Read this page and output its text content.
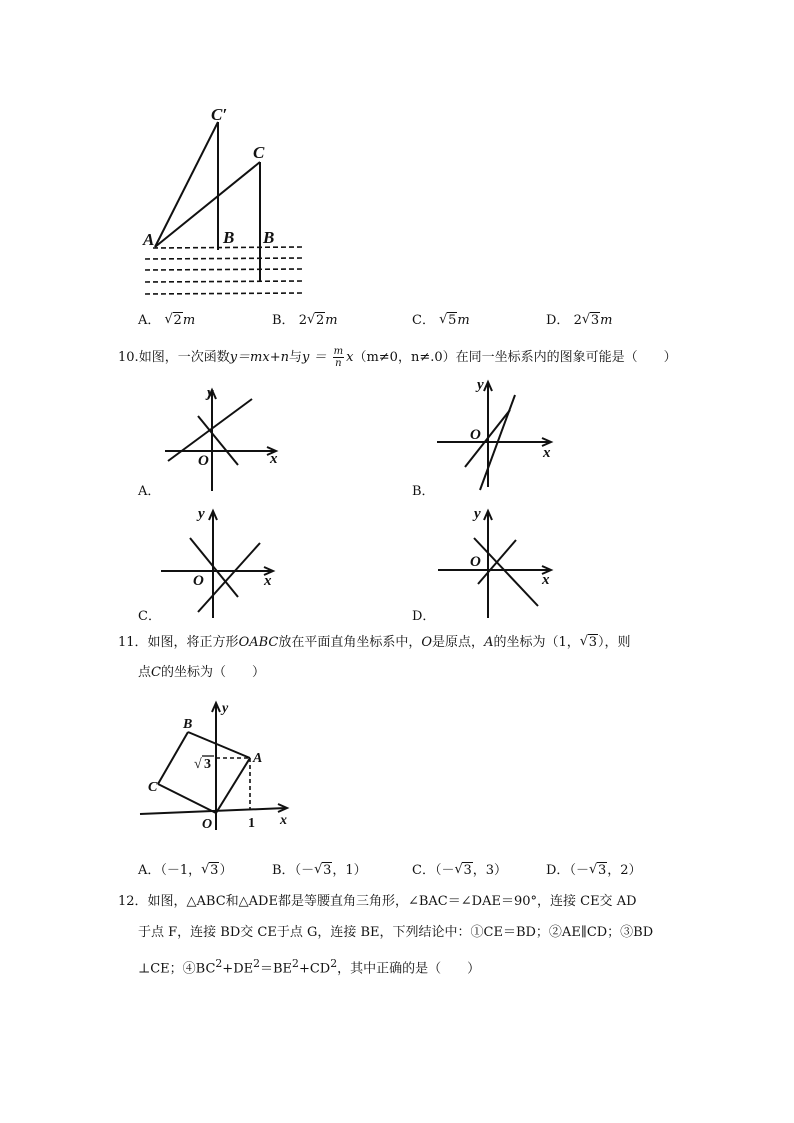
C′
C
A	B B
A． √ 2m	B． 2 √ 2m	C． √ 5m	D． 2 √ 3m
10.如图，一次函数y＝mx+n与$y = \frac{m}{n} x(m\ne 0$，n≠.0）在同一坐标系内的图象可能是（　　）
y
x
O
A．
y
x
O
B．
y
x
O
C．
y
x
O
D．
11．如图，将正方形OABC放在平面直角坐标系中，O是原点，A的坐标为（1， √ 3），则
点C的坐标为（　　）
B
C
A
O
y
x
1
√ 3
A．（－1， √ 3）	B．（－ √ 3，1）	C．（－ √ 3，3）	D．（－ √ 3，2）
12．如图，△ABC和△ADE都是等腰直角三角形，∠BAC＝∠DAE＝90°，连接 CE交 AD
于点 F，连接 BD交 CE于点 G，连接 BE，下列结论中：①CE＝BD；②AE∥CD；③BD
⊥CE；$④BC^2+DE^2=BE^2+CD^2$，其中正确的是（　　）
